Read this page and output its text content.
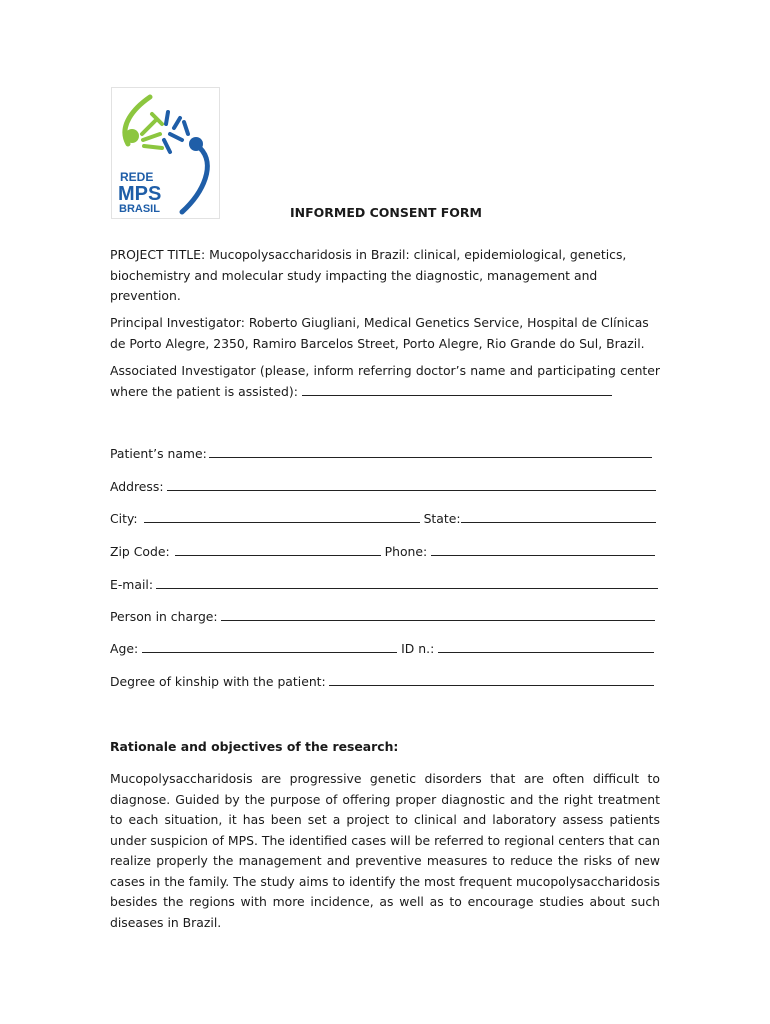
REDE
MPS
BRASIL	INFORMED CONSENT FORM

PROJECT TITLE: Mucopolysaccharidosis in Brazil: clinical, epidemiological, genetics, biochemistry and molecular study impacting the diagnostic, management and prevention.

Principal Investigator: Roberto Giugliani, Medical Genetics Service, Hospital de Clínicas de Porto Alegre, 2350, Ramiro Barcelos Street, Porto Alegre, Rio Grande do Sul, Brazil.

Associated Investigator (please, inform referring doctor’s name and participating center where the patient is assisted):
Patient’s name:
Address:
City:	State:
Zip Code:	Phone:
E-mail:
Person in charge:
Age:	ID n.:
Degree of kinship with the patient:
Rationale and objectives of the research:

Mucopolysaccharidosis are progressive genetic disorders that are often difficult to diagnose. Guided by the purpose of offering proper diagnostic and the right treatment to each situation, it has been set a project to clinical and laboratory assess patients under suspicion of MPS. The identified cases will be referred to regional centers that can realize properly the management and preventive measures to reduce the risks of new cases in the family. The study aims to identify the most frequent mucopolysaccharidosis besides the regions with more incidence, as well as to encourage studies about such diseases in Brazil.
